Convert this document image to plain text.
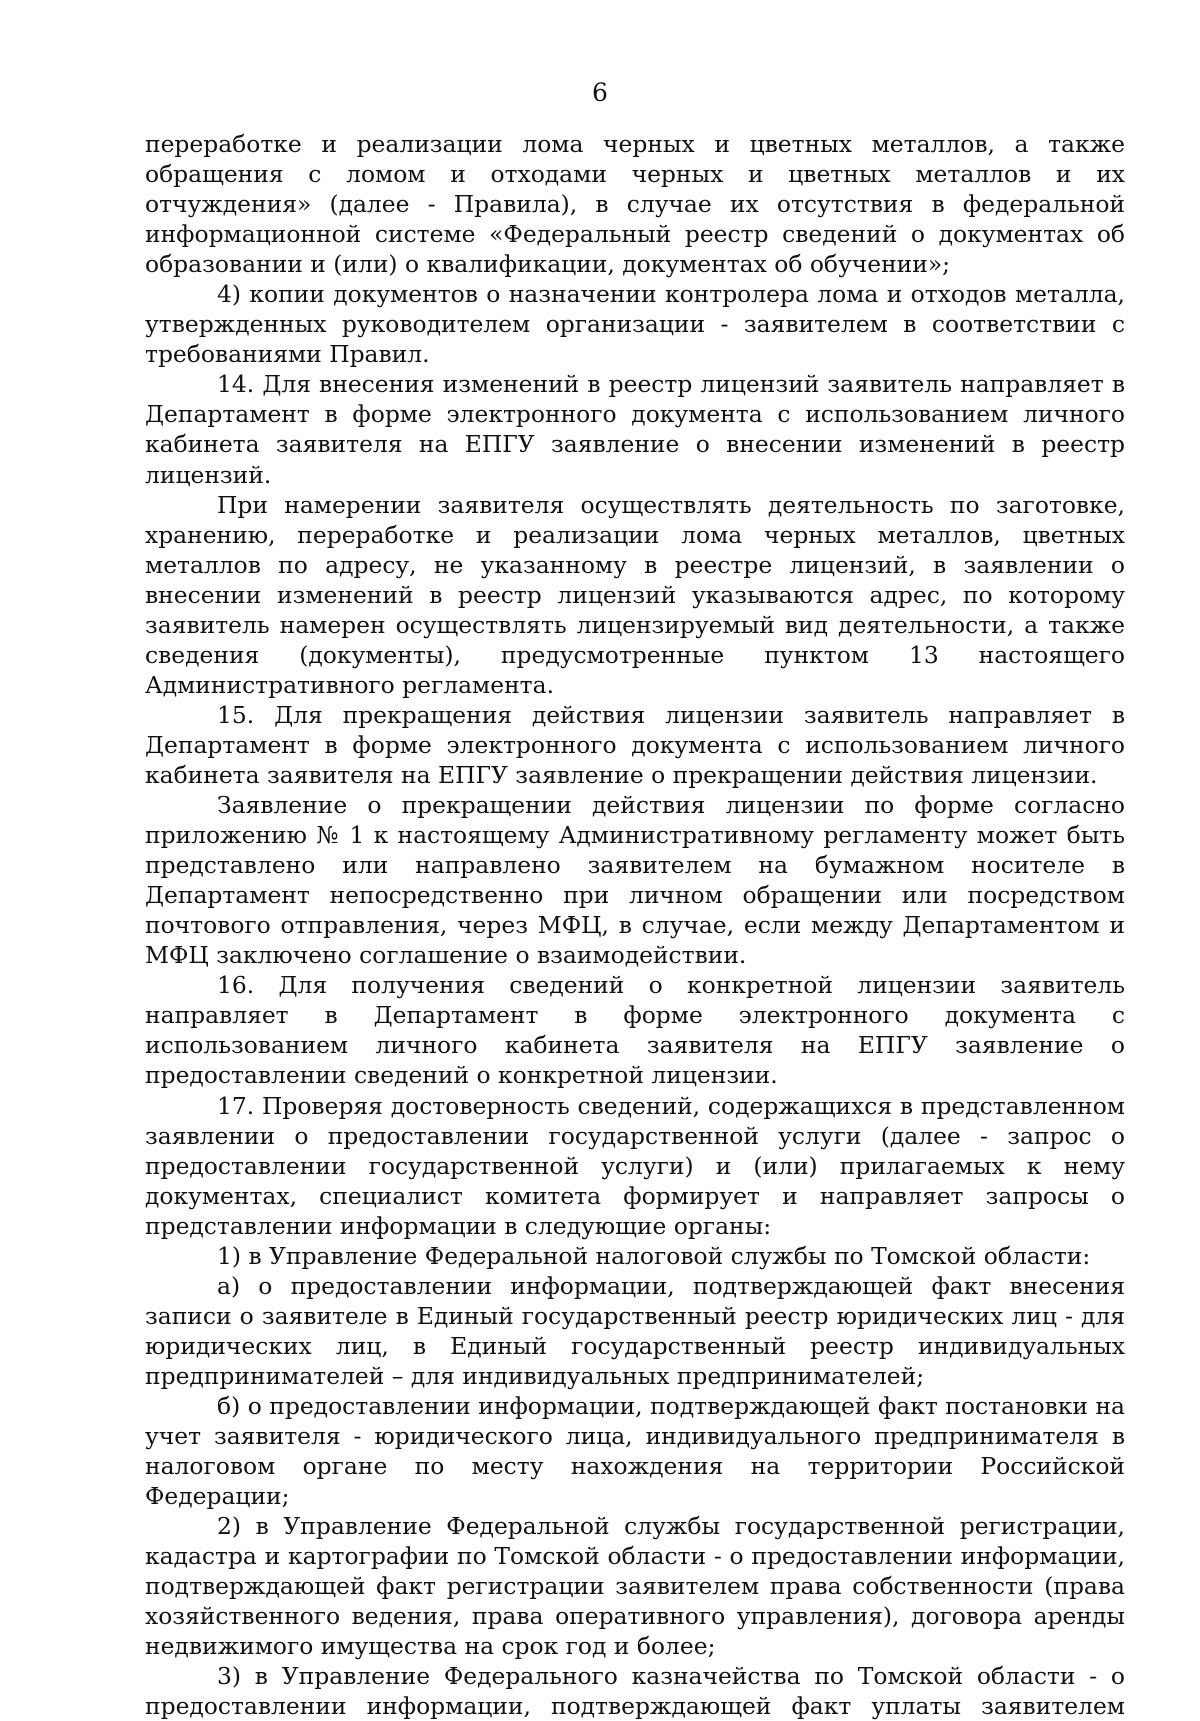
6

переработке и реализации лома черных и цветных металлов, а также обращения с ломом и отходами черных и цветных металлов и их отчуждения» (далее - Правила), в случае их отсутствия в федеральной информационной системе «Федеральный реестр сведений о документах об образовании и (или) о квалификации, документах об обучении»;

4) копии документов о назначении контролера лома и отходов металла, утвержденных руководителем организации - заявителем в соответствии с требованиями Правил.

14. Для внесения изменений в реестр лицензий заявитель направляет в Департамент в форме электронного документа с использованием личного кабинета заявителя на ЕПГУ заявление о внесении изменений в реестр лицензий.

При намерении заявителя осуществлять деятельность по заготовке, хранению, переработке и реализации лома черных металлов, цветных металлов по адресу, не указанному в реестре лицензий, в заявлении о внесении изменений в реестр лицензий указываются адрес, по которому заявитель намерен осуществлять лицензируемый вид деятельности, а также сведения (документы), предусмотренные пунктом 13 настоящего Административного регламента.

15. Для прекращения действия лицензии заявитель направляет в Департамент в форме электронного документа с использованием личного кабинета заявителя на ЕПГУ заявление о прекращении действия лицензии.

Заявление о прекращении действия лицензии по форме согласно приложению № 1 к настоящему Административному регламенту может быть представлено или направлено заявителем на бумажном носителе в Департамент непосредственно при личном обращении или посредством почтового отправления, через МФЦ, в случае, если между Департаментом и МФЦ заключено соглашение о взаимодействии.

16. Для получения сведений о конкретной лицензии заявитель направляет в Департамент в форме электронного документа с использованием личного кабинета заявителя на ЕПГУ заявление о предоставлении сведений о конкретной лицензии.

17. Проверяя достоверность сведений, содержащихся в представленном заявлении о предоставлении государственной услуги (далее - запрос о предоставлении государственной услуги) и (или) прилагаемых к нему документах, специалист комитета формирует и направляет запросы о представлении информации в следующие органы:

1) в Управление Федеральной налоговой службы по Томской области:

а) о предоставлении информации, подтверждающей факт внесения записи о заявителе в Единый государственный реестр юридических лиц - для юридических лиц, в Единый государственный реестр индивидуальных предпринимателей – для индивидуальных предпринимателей;

б) о предоставлении информации, подтверждающей факт постановки на учет заявителя - юридического лица, индивидуального предпринимателя в налоговом органе по месту нахождения на территории Российской Федерации;

2) в Управление Федеральной службы государственной регистрации, кадастра и картографии по Томской области - о предоставлении информации, подтверждающей факт регистрации заявителем права собственности (права хозяйственного ведения, права оперативного управления), договора аренды недвижимого имущества на срок год и более;

3) в Управление Федерального казначейства по Томской области - о предоставлении информации, подтверждающей факт уплаты заявителем
